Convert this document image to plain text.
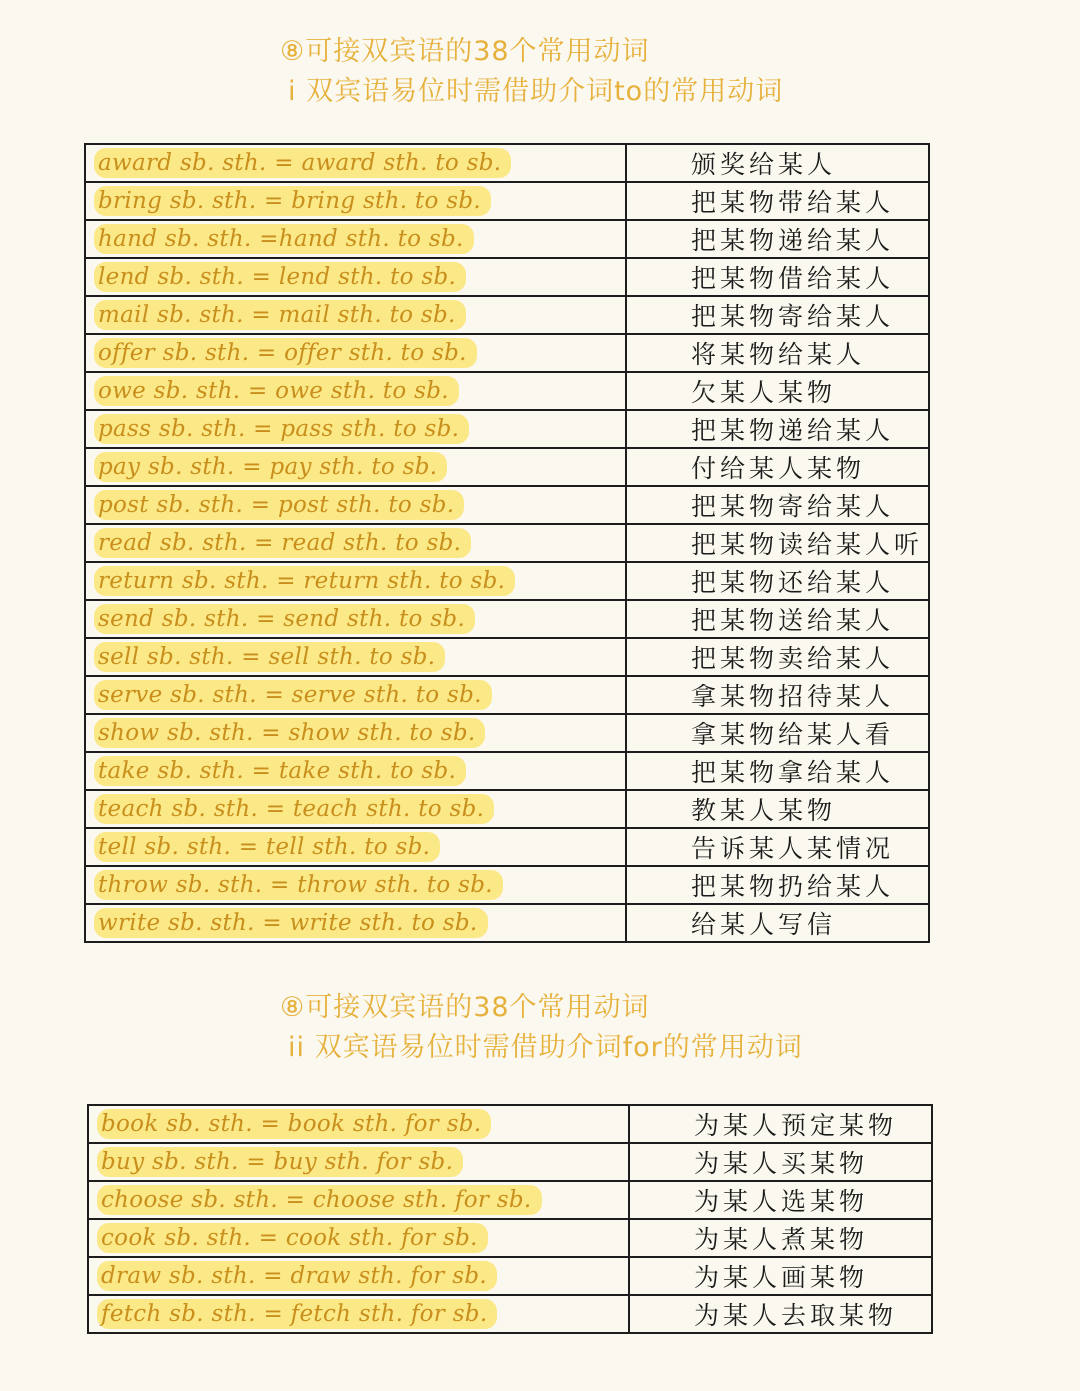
⑧可接双宾语的38个常用动词
i 双宾语易位时需借助介词to的常用动词
award sb. sth. = award sth. to sb.	颁奖给某人
bring sb. sth. = bring sth. to sb.	把某物带给某人
hand sb. sth. =hand sth. to sb.	把某物递给某人
lend sb. sth. = lend sth. to sb.	把某物借给某人
mail sb. sth. = mail sth. to sb.	把某物寄给某人
offer sb. sth. = offer sth. to sb.	将某物给某人
owe sb. sth. = owe sth. to sb.	欠某人某物
pass sb. sth. = pass sth. to sb.	把某物递给某人
pay sb. sth. = pay sth. to sb.	付给某人某物
post sb. sth. = post sth. to sb.	把某物寄给某人
read sb. sth. = read sth. to sb.	把某物读给某人听
return sb. sth. = return sth. to sb.	把某物还给某人
send sb. sth. = send sth. to sb.	把某物送给某人
sell sb. sth. = sell sth. to sb.	把某物卖给某人
serve sb. sth. = serve sth. to sb.	拿某物招待某人
show sb. sth. = show sth. to sb.	拿某物给某人看
take sb. sth. = take sth. to sb.	把某物拿给某人
teach sb. sth. = teach sth. to sb.	教某人某物
tell sb. sth. = tell sth. to sb.	告诉某人某情况
throw sb. sth. = throw sth. to sb.	把某物扔给某人
write sb. sth. = write sth. to sb.	给某人写信
⑧可接双宾语的38个常用动词
ii 双宾语易位时需借助介词for的常用动词
book sb. sth. = book sth. for sb.	为某人预定某物
buy sb. sth. = buy sth. for sb.	为某人买某物
choose sb. sth. = choose sth. for sb.	为某人选某物
cook sb. sth. = cook sth. for sb.	为某人煮某物
draw sb. sth. = draw sth. for sb.	为某人画某物
fetch sb. sth. = fetch sth. for sb.	为某人去取某物
